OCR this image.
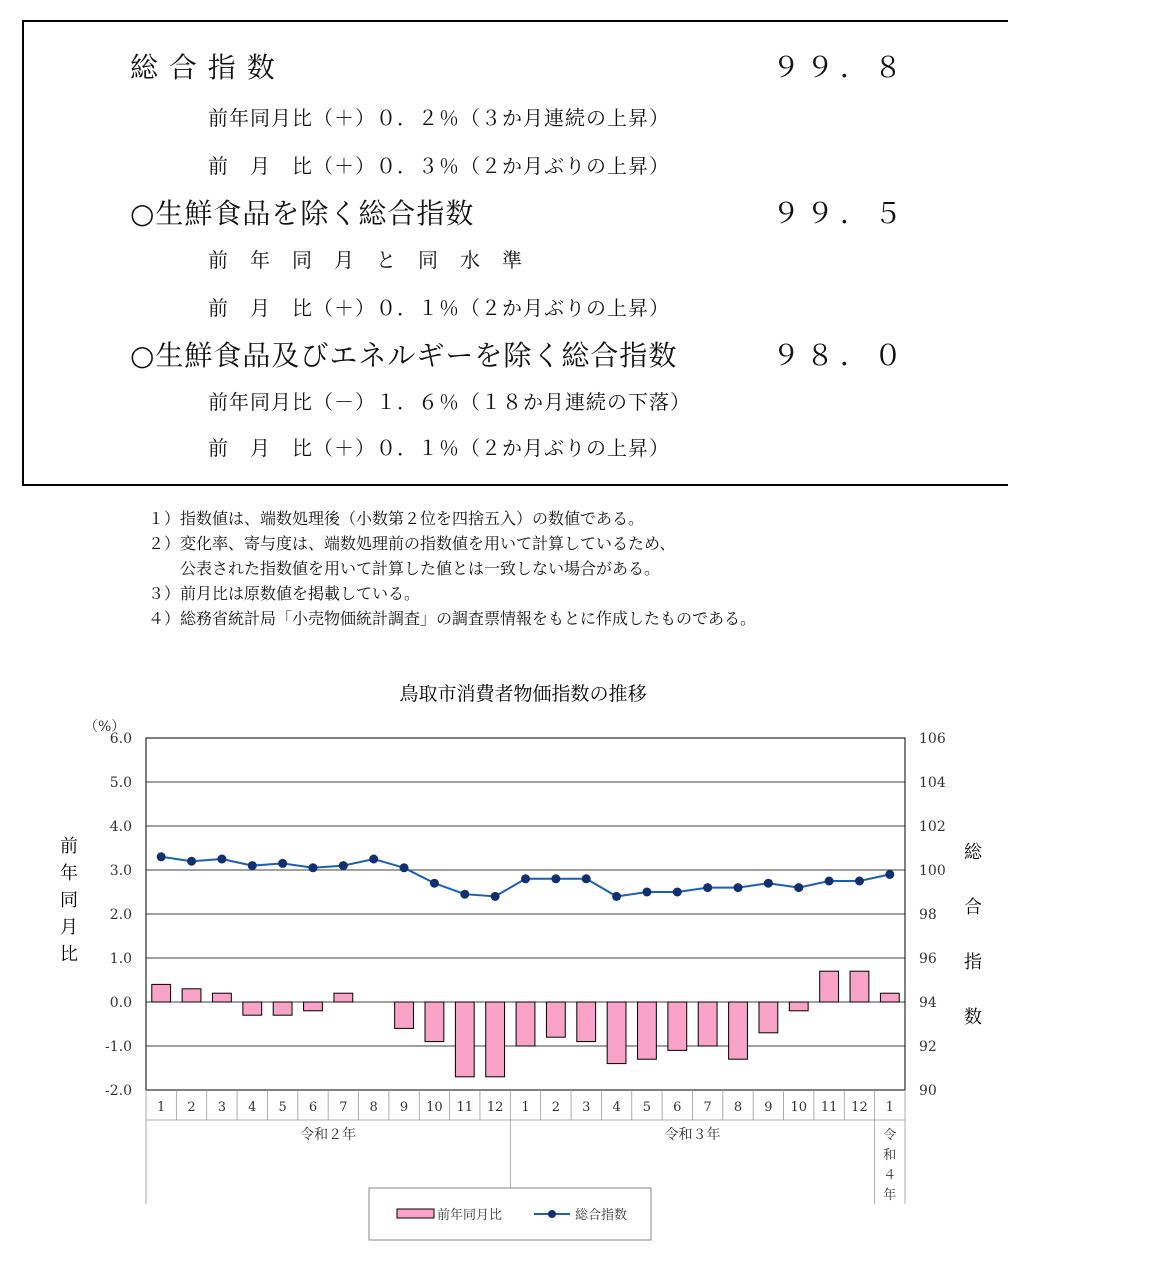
総 合 指 数	９９．８
前年同月比（＋）０．２％（３か月連続の上昇）
前　月　比（＋）０．３％（２か月ぶりの上昇）
○生鮮食品を除く総合指数	９９．５
前　年　同　月　と　同　水　準
前　月　比（＋）０．１％（２か月ぶりの上昇）
○生鮮食品及びエネルギーを除く総合指数	９８．０
前年同月比（－）１．６％（１８か月連続の下落）
前　月　比（＋）０．１％（２か月ぶりの上昇）
１）指数値は、端数処理後（小数第２位を四捨五入）の数値である。
２）変化率、寄与度は、端数処理前の指数値を用いて計算しているため、
　　公表された指数値を用いて計算した値とは一致しない場合がある。
３）前月比は原数値を掲載している。
４）総務省統計局「小売物価統計調査」の調査票情報をもとに作成したものである。
鳥取市消費者物価指数の推移
6.0	106
5.0	104
4.0	102
3.0	100
2.0	98
1.0	96
0.0	94
-1.0	92
-2.0	90
（%）
前
年
同
月
比
総
合
指
数
1 2 3 4 5 6 7 8 9 10 11 12 1 2 3 4 5 6 7 8 9 10 11 12 1
令和２年	令和３年	令
和
４
年
前年同月比	総合指数
